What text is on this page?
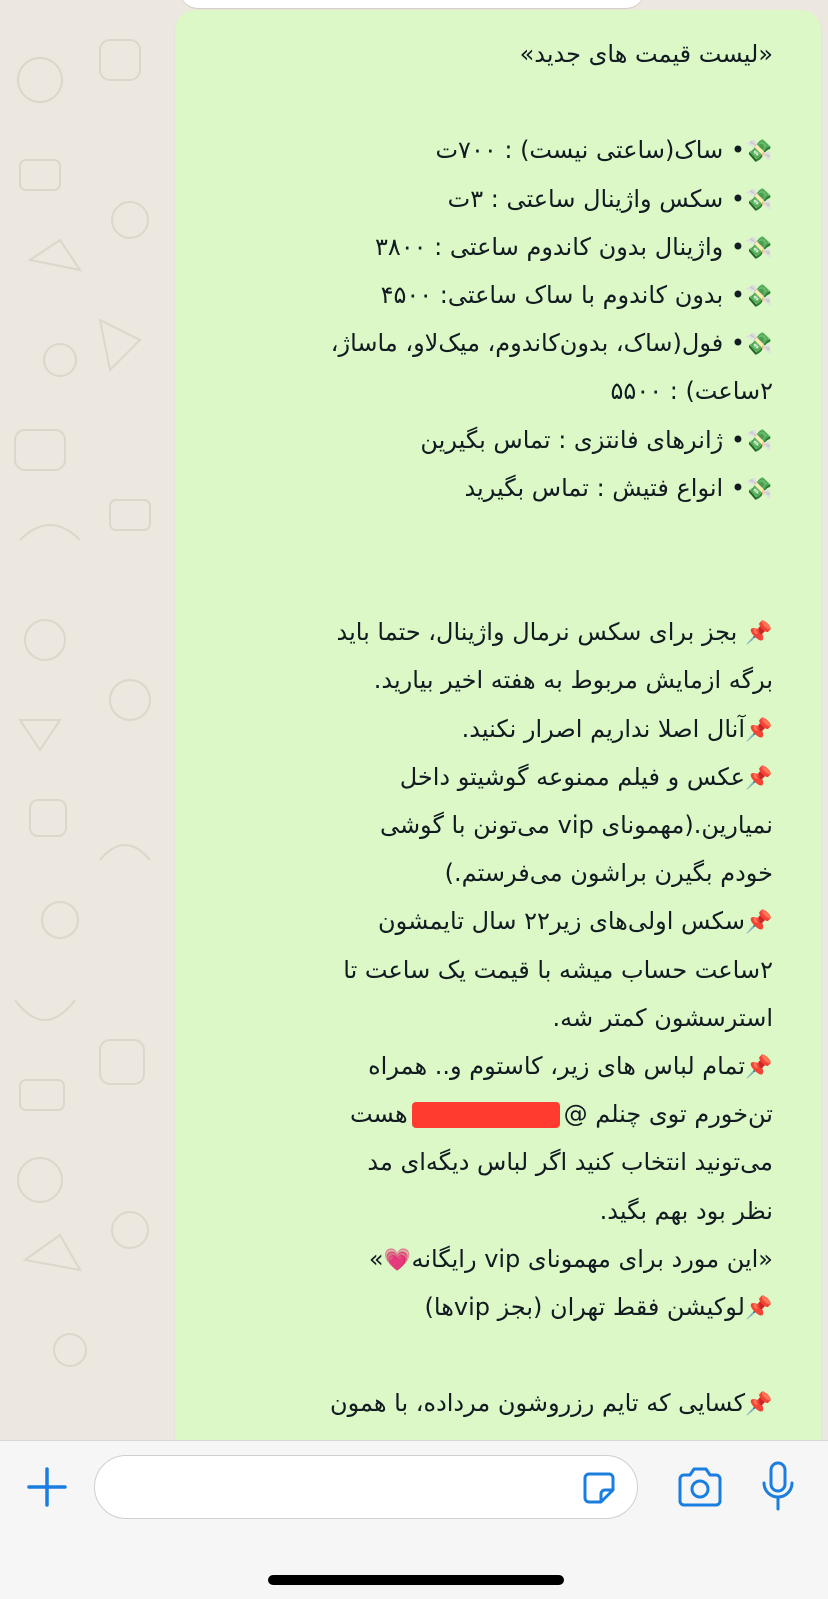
«لیست قیمت های جدید»
💸• ساک(ساعتی نیست) : ۷۰۰ت
💸• سکس واژینال ساعتی : ۳ت
💸• واژینال بدون کاندوم ساعتی : ۳۸۰۰
💸• بدون کاندوم با ساک ساعتی: ۴۵۰۰
💸• فول(ساک، بدون‌کاندوم، میک‌لاو، ماساژ،
۲ساعت) : ۵۵۰۰
💸• ژانرهای فانتزی : تماس بگیرین
💸• انواع فتیش : تماس بگیرید
📌 بجز برای سکس نرمال واژینال، حتما باید
برگه ازمایش مربوط به هفته اخیر بیارید.
📌آنال اصلا نداریم اصرار نکنید.
📌عکس و فیلم ممنوعه گوشیتو داخل
نمیارین.(مهمونای vip می‌تونن با گوشی
خودم بگیرن براشون می‌فرستم.)
📌سکس اولی‌های زیر۲۲ سال تایمشون
۲ساعت حساب میشه با قیمت یک ساعت تا
استرسشون کمتر شه.
📌تمام لباس های زیر، کاستوم و.. همراه
تن‌خورم توی چنلم @هست
می‌تونید انتخاب کنید اگر لباس دیگه‌ای مد
نظر بود بهم بگید.
«این مورد برای مهمونای vip رایگانه💗»
📌لوکیشن فقط تهران (بجز vipها)
📌کسایی که تایم رزروشون مرداده، با همون
